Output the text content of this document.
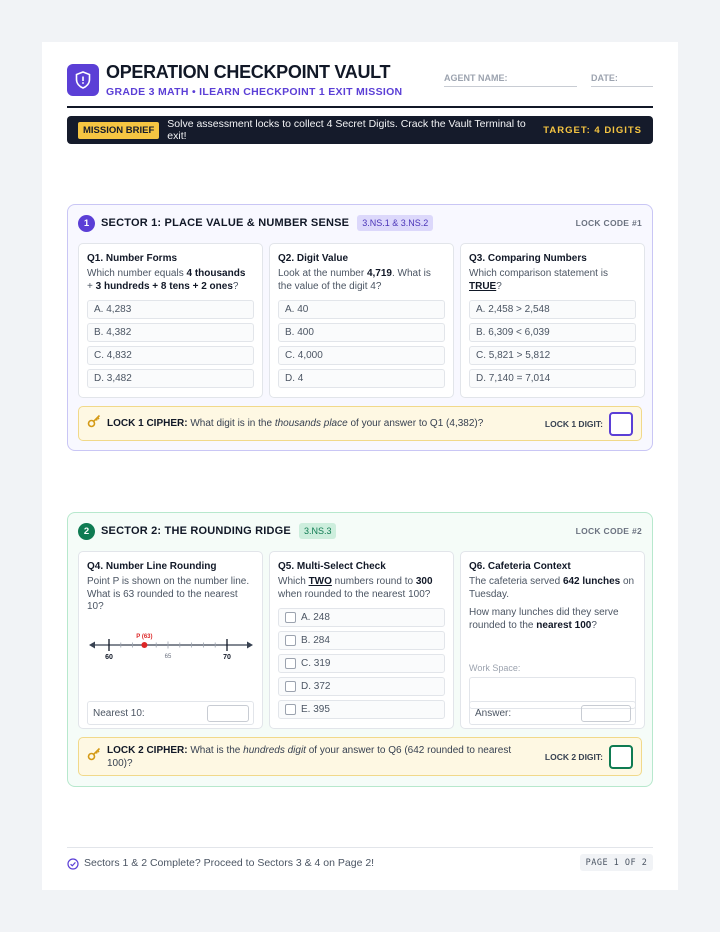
OPERATION CHECKPOINT VAULT
GRADE 3 MATH • ILEARN CHECKPOINT 1 EXIT MISSION
AGENT NAME:	DATE:
MISSION BRIEF	Solve assessment locks to collect 4 Secret Digits. Crack the Vault Terminal to exit!	TARGET: 4 DIGITS
1	SECTOR 1: PLACE VALUE & NUMBER SENSE	3.NS.1 & 3.NS.2	LOCK CODE #1
Q1. Number Forms
Which number equals 4 thousands + 3 hundreds + 8 tens + 2 ones?
A. 4,283
B. 4,382
C. 4,832
D. 3,482
Q2. Digit Value
Look at the number 4,719. What is the value of the digit 4?
A. 40
B. 400
C. 4,000
D. 4
Q3. Comparing Numbers
Which comparison statement is TRUE?
A. 2,458 > 2,548
B. 6,309 < 6,039
C. 5,821 > 5,812
D. 7,140 = 7,014
LOCK 1 CIPHER: What digit is in the thousands place of your answer to Q1 (4,382)?	LOCK 1 DIGIT:
2	SECTOR 2: THE ROUNDING RIDGE	3.NS.3	LOCK CODE #2
Q4. Number Line Rounding
Point P is shown on the number line. What is 63 rounded to the nearest 10?
P (63)
60	65	70
Nearest 10:
Q5. Multi-Select Check
Which TWO numbers round to 300 when rounded to the nearest 100?
A. 248
B. 284
C. 319
D. 372
E. 395
Q6. Cafeteria Context
The cafeteria served 642 lunches on Tuesday.
How many lunches did they serve rounded to the nearest 100?
Work Space:
Answer:
LOCK 2 CIPHER: What is the hundreds digit of your answer to Q6 (642 rounded to nearest 100)?
LOCK 2 DIGIT:
Sectors 1 & 2 Complete? Proceed to Sectors 3 & 4 on Page 2!	PAGE 1 OF 2
